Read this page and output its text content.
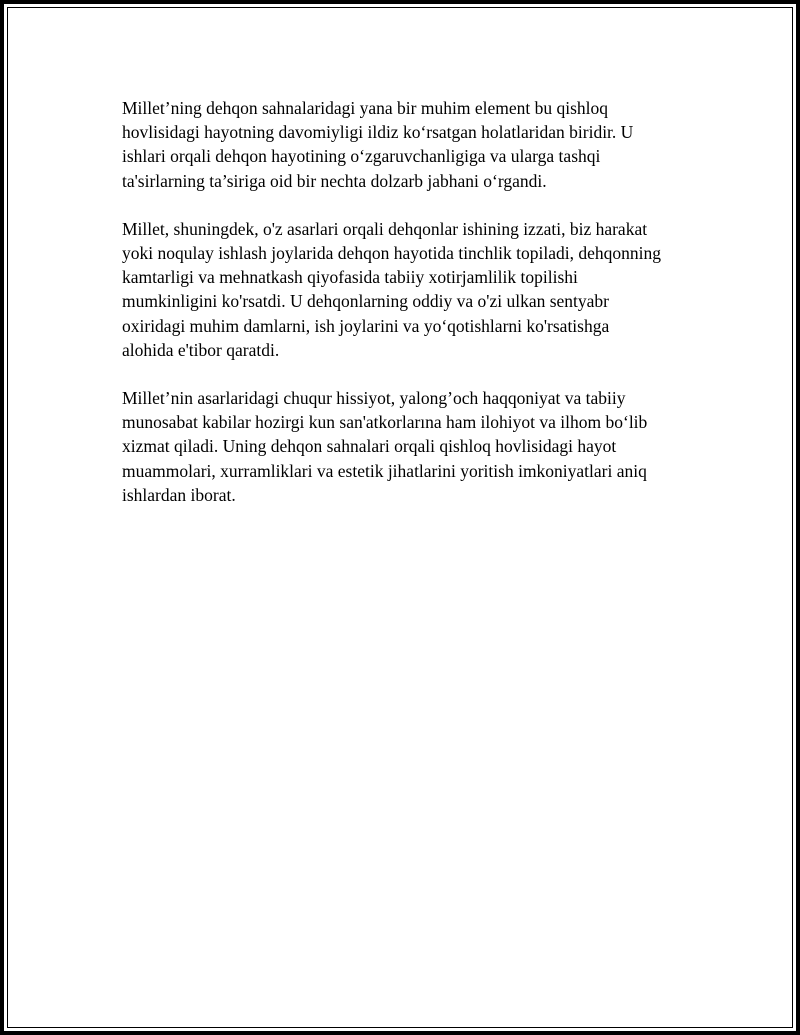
Millet’ning dehqon sahnalaridagi yana bir muhim element bu qishloq
hovlisidagi hayotning davomiyligi ildiz ko‘rsatgan holatlaridan biridir. U
ishlari orqali dehqon hayotining o‘zgaruvchanligiga va ularga tashqi
ta'sirlarning ta’siriga oid bir nechta dolzarb jabhani o‘rgandi.

Millet, shuningdek, o'z asarlari orqali dehqonlar ishining izzati, biz harakat
yoki noqulay ishlash joylarida dehqon hayotida tinchlik topiladi, dehqonning
kamtarligi va mehnatkash qiyofasida tabiiy xotirjamlilik topilishi
mumkinligini ko'rsatdi. U dehqonlarning oddiy va o'zi ulkan sentyabr
oxiridagi muhim damlarni, ish joylarini va yo‘qotishlarni ko'rsatishga
alohida e'tibor qaratdi.

Millet’nin asarlaridagi chuqur hissiyot, yalong’och haqqoniyat va tabiiy
munosabat kabilar hozirgi kun san'atkorlarına ham ilohiyot va ilhom bo‘lib
xizmat qiladi. Uning dehqon sahnalari orqali qishloq hovlisidagi hayot
muammolari, xurramliklari va estetik jihatlarini yoritish imkoniyatlari aniq
ishlardan iborat.
